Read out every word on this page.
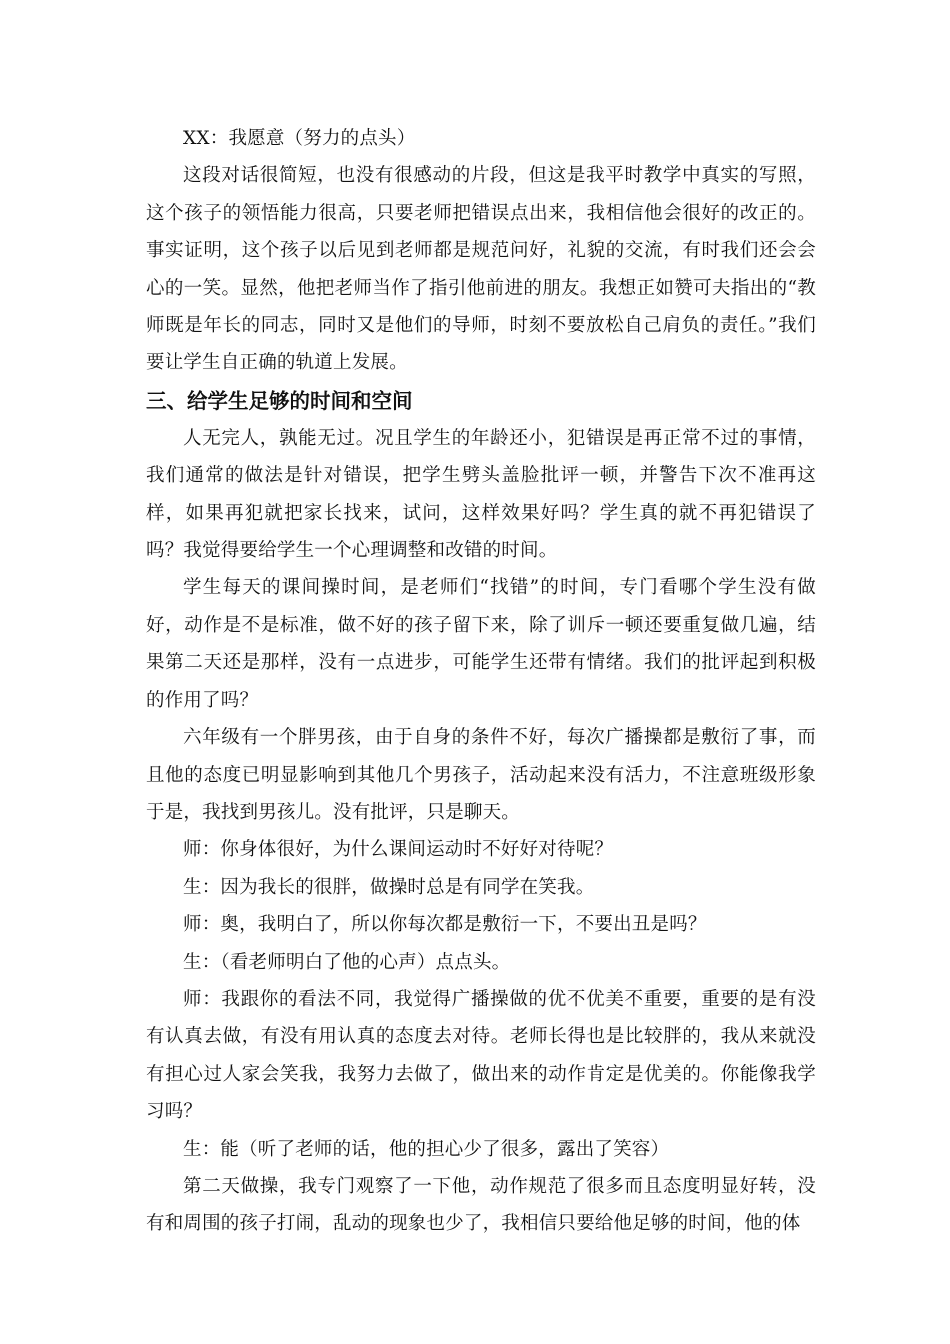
XX：我愿意（努力的点头）

这段对话很简短，也没有很感动的片段，但这是我平时教学中真实的写照，这个孩子的领悟能力很高，只要老师把错误点出来，我相信他会很好的改正的。事实证明，这个孩子以后见到老师都是规范问好，礼貌的交流，有时我们还会会心的一笑。显然，他把老师当作了指引他前进的朋友。我想正如赞可夫指出的“教师既是年长的同志，同时又是他们的导师，时刻不要放松自己肩负的责任。”我们要让学生自正确的轨道上发展。

三、给学生足够的时间和空间

人无完人，孰能无过。况且学生的年龄还小，犯错误是再正常不过的事情，我们通常的做法是针对错误，把学生劈头盖脸批评一顿，并警告下次不准再这样，如果再犯就把家长找来，试问，这样效果好吗？学生真的就不再犯错误了吗？我觉得要给学生一个心理调整和改错的时间。

学生每天的课间操时间，是老师们“找错”的时间，专门看哪个学生没有做好，动作是不是标准，做不好的孩子留下来，除了训斥一顿还要重复做几遍，结果第二天还是那样，没有一点进步，可能学生还带有情绪。我们的批评起到积极的作用了吗？

六年级有一个胖男孩，由于自身的条件不好，每次广播操都是敷衍了事，而且他的态度已明显影响到其他几个男孩子，活动起来没有活力，不注意班级形象于是，我找到男孩儿。没有批评，只是聊天。

师：你身体很好，为什么课间运动时不好好对待呢？

生：因为我长的很胖，做操时总是有同学在笑我。

师：奥，我明白了，所以你每次都是敷衍一下，不要出丑是吗？

生：（看老师明白了他的心声）点点头。

师：我跟你的看法不同，我觉得广播操做的优不优美不重要，重要的是有没有认真去做，有没有用认真的态度去对待。老师长得也是比较胖的，我从来就没有担心过人家会笑我，我努力去做了，做出来的动作肯定是优美的。你能像我学习吗？

生：能（听了老师的话，他的担心少了很多，露出了笑容）

第二天做操，我专门观察了一下他，动作规范了很多而且态度明显好转，没有和周围的孩子打闹，乱动的现象也少了，我相信只要给他足够的时间，他的体
